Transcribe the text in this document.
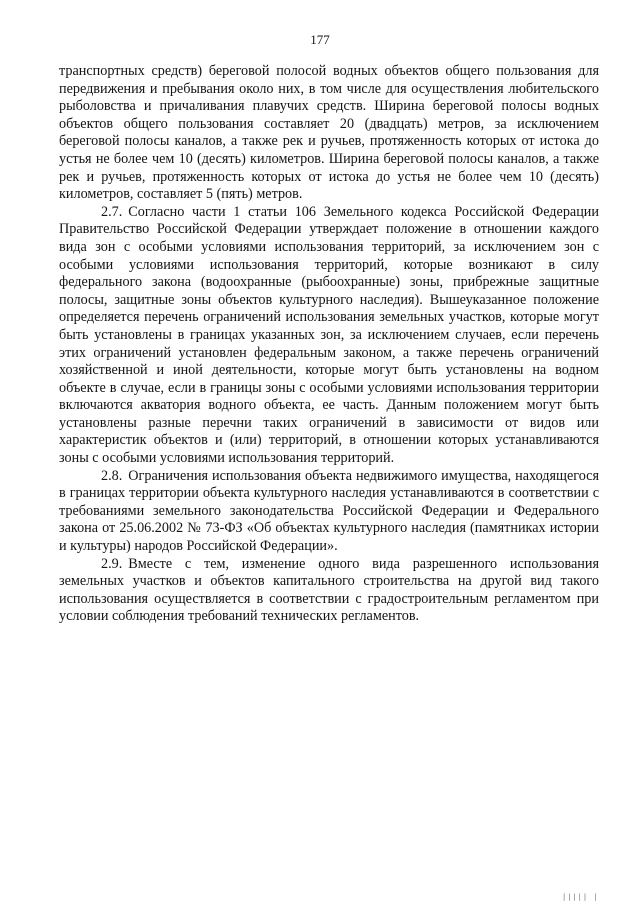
177

транспортных средств) береговой полосой водных объектов общего пользования для передвижения и пребывания около них, в том числе для осуществления любительского рыболовства и причаливания плавучих средств. Ширина береговой полосы водных объектов общего пользования составляет 20 (двадцать) метров, за исключением береговой полосы каналов, а также рек и ручьев, протяженность которых от истока до устья не более чем 10 (десять) километров. Ширина береговой полосы каналов, а также рек и ручьев, протяженность которых от истока до устья не более чем 10 (десять) километров, составляет 5 (пять) метров.

2.7. Согласно части 1 статьи 106 Земельного кодекса Российской Федерации Правительство Российской Федерации утверждает положение в отношении каждого вида зон с особыми условиями использования территорий, за исключением зон с особыми условиями использования территорий, которые возникают в силу федерального закона (водоохранные (рыбоохранные) зоны, прибрежные защитные полосы, защитные зоны объектов культурного наследия). Вышеуказанное положение определяется перечень ограничений использования земельных участков, которые могут быть установлены в границах указанных зон, за исключением случаев, если перечень этих ограничений установлен федеральным законом, а также перечень ограничений хозяйственной и иной деятельности, которые могут быть установлены на водном объекте в случае, если в границы зоны с особыми условиями использования территории включаются акватория водного объекта, ее часть. Данным положением могут быть установлены разные перечни таких ограничений в зависимости от видов или характеристик объектов и (или) территорий, в отношении которых устанавливаются зоны с особыми условиями использования территорий.

2.8. Ограничения использования объекта недвижимого имущества, находящегося в границах территории объекта культурного наследия устанавливаются в соответствии с требованиями земельного законодательства Российской Федерации и Федерального закона от 25.06.2002 № 73-ФЗ «Об объектах культурного наследия (памятниках истории и культуры) народов Российской Федерации».

2.9. Вместе с тем, изменение одного вида разрешенного использования земельных участков и объектов капитального строительства на другой вид такого использования осуществляется в соответствии с градостроительным регламентом при условии соблюдения требований технических регламентов.

||||| |
